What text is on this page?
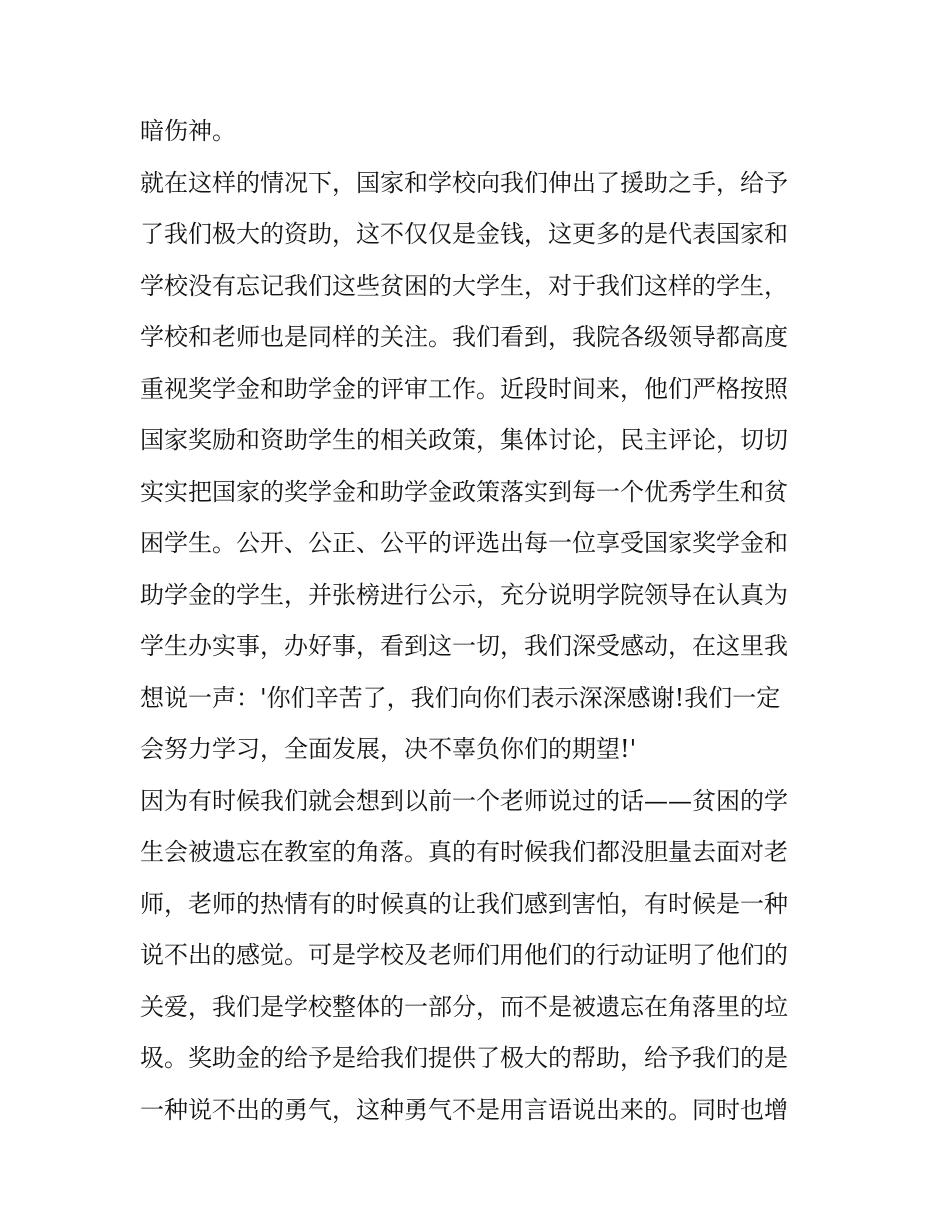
暗伤神。
就在这样的情况下，国家和学校向我们伸出了援助之手，给予
了我们极大的资助，这不仅仅是金钱，这更多的是代表国家和
学校没有忘记我们这些贫困的大学生，对于我们这样的学生，
学校和老师也是同样的关注。我们看到，我院各级领导都高度
重视奖学金和助学金的评审工作。近段时间来，他们严格按照
国家奖励和资助学生的相关政策，集体讨论，民主评论，切切
实实把国家的奖学金和助学金政策落实到每一个优秀学生和贫
困学生。公开、公正、公平的评选出每一位享受国家奖学金和
助学金的学生，并张榜进行公示，充分说明学院领导在认真为
学生办实事，办好事，看到这一切，我们深受感动，在这里我
想说一声：'你们辛苦了，我们向你们表示深深感谢!我们一定
会努力学习，全面发展，决不辜负你们的期望!'
因为有时候我们就会想到以前一个老师说过的话——贫困的学
生会被遗忘在教室的角落。真的有时候我们都没胆量去面对老
师，老师的热情有的时候真的让我们感到害怕，有时候是一种
说不出的感觉。可是学校及老师们用他们的行动证明了他们的
关爱，我们是学校整体的一部分，而不是被遗忘在角落里的垃
圾。奖助金的给予是给我们提供了极大的帮助，给予我们的是
一种说不出的勇气，这种勇气不是用言语说出来的。同时也增
